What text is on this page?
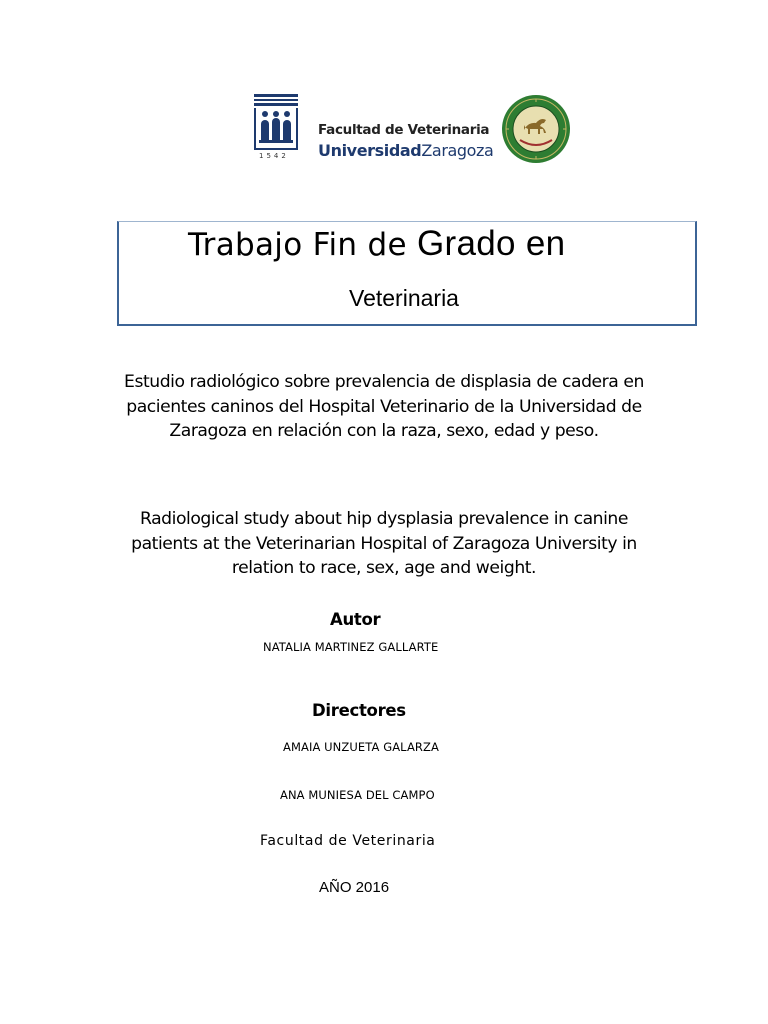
1542
Facultad de Veterinaria
UniversidadZaragoza
Trabajo Fin de Grado en
Veterinaria
Estudio radiológico sobre prevalencia de displasia de cadera en pacientes caninos del Hospital Veterinario de la Universidad de Zaragoza en relación con la raza, sexo, edad y peso.
Radiological study about hip dysplasia prevalence in canine patients at the Veterinarian Hospital of Zaragoza University in relation to race, sex, age and weight.
Autor
NATALIA MARTINEZ GALLARTE
Directores
AMAIA UNZUETA GALARZA
ANA MUNIESA DEL CAMPO
Facultad de Veterinaria
AÑO 2016
